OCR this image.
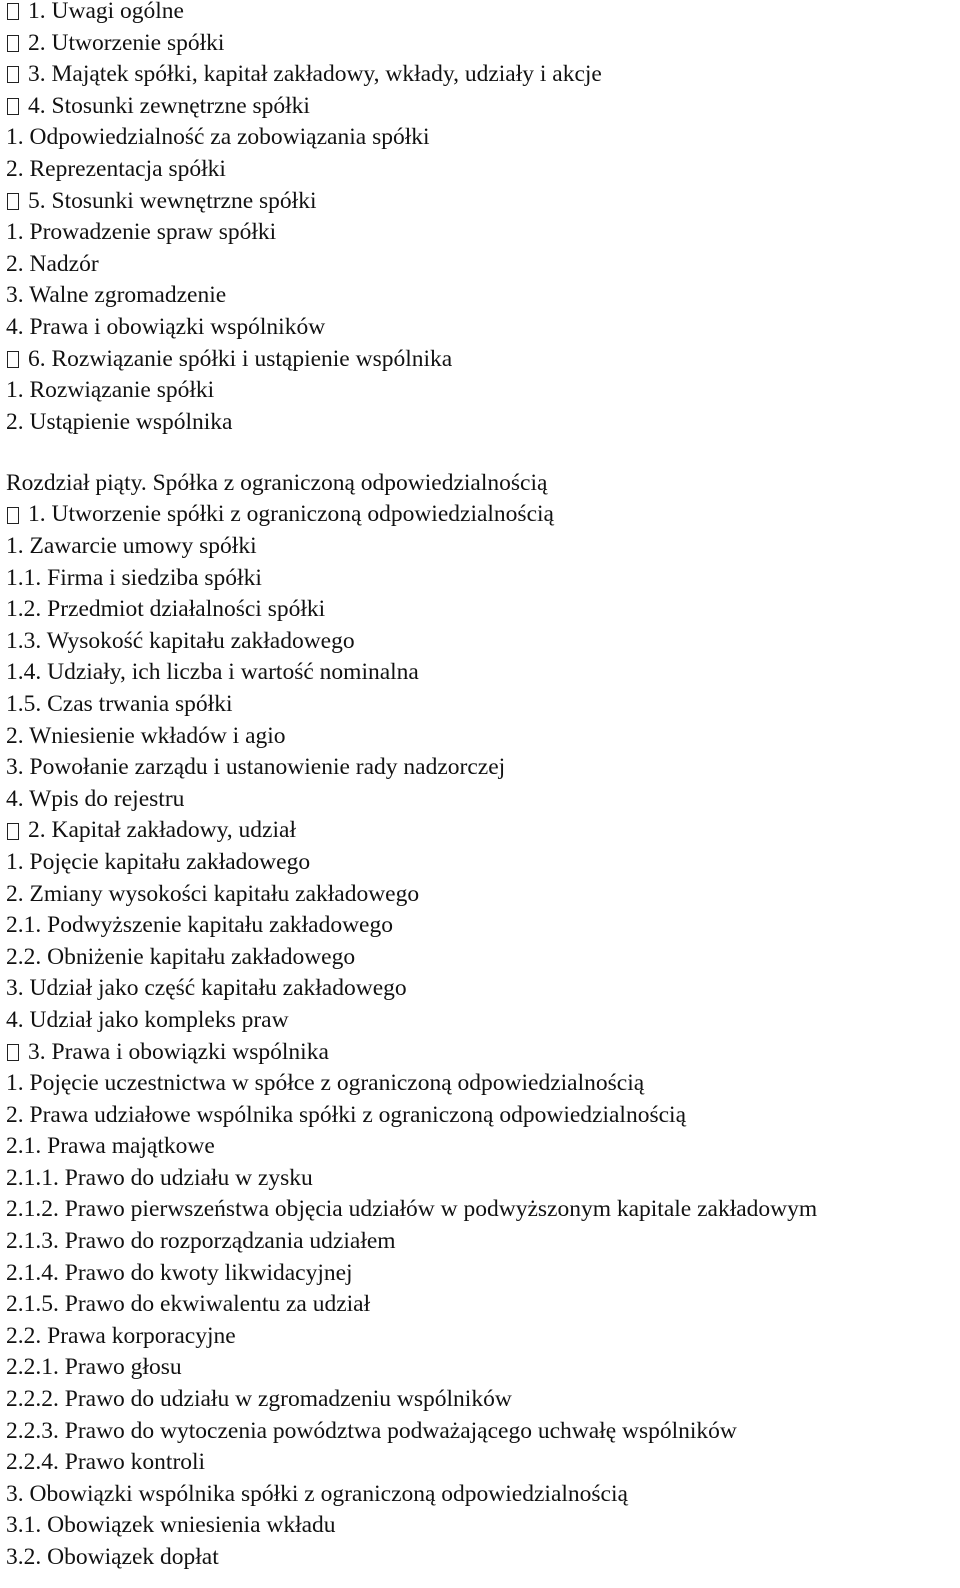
1. Uwagi ogólne
2. Utworzenie spółki
3. Majątek spółki, kapitał zakładowy, wkłady, udziały i akcje
4. Stosunki zewnętrzne spółki
1. Odpowiedzialność za zobowiązania spółki
2. Reprezentacja spółki
5. Stosunki wewnętrzne spółki
1. Prowadzenie spraw spółki
2. Nadzór
3. Walne zgromadzenie
4. Prawa i obowiązki wspólników
6. Rozwiązanie spółki i ustąpienie wspólnika
1. Rozwiązanie spółki
2. Ustąpienie wspólnika
Rozdział piąty. Spółka z ograniczoną odpowiedzialnością
1. Utworzenie spółki z ograniczoną odpowiedzialnością
1. Zawarcie umowy spółki
1.1. Firma i siedziba spółki
1.2. Przedmiot działalności spółki
1.3. Wysokość kapitału zakładowego
1.4. Udziały, ich liczba i wartość nominalna
1.5. Czas trwania spółki
2. Wniesienie wkładów i agio
3. Powołanie zarządu i ustanowienie rady nadzorczej
4. Wpis do rejestru
2. Kapitał zakładowy, udział
1. Pojęcie kapitału zakładowego
2. Zmiany wysokości kapitału zakładowego
2.1. Podwyższenie kapitału zakładowego
2.2. Obniżenie kapitału zakładowego
3. Udział jako część kapitału zakładowego
4. Udział jako kompleks praw
3. Prawa i obowiązki wspólnika
1. Pojęcie uczestnictwa w spółce z ograniczoną odpowiedzialnością
2. Prawa udziałowe wspólnika spółki z ograniczoną odpowiedzialnością
2.1. Prawa majątkowe
2.1.1. Prawo do udziału w zysku
2.1.2. Prawo pierwszeństwa objęcia udziałów w podwyższonym kapitale zakładowym
2.1.3. Prawo do rozporządzania udziałem
2.1.4. Prawo do kwoty likwidacyjnej
2.1.5. Prawo do ekwiwalentu za udział
2.2. Prawa korporacyjne
2.2.1. Prawo głosu
2.2.2. Prawo do udziału w zgromadzeniu wspólników
2.2.3. Prawo do wytoczenia powództwa podważającego uchwałę wspólników
2.2.4. Prawo kontroli
3. Obowiązki wspólnika spółki z ograniczoną odpowiedzialnością
3.1. Obowiązek wniesienia wkładu
3.2. Obowiązek dopłat
